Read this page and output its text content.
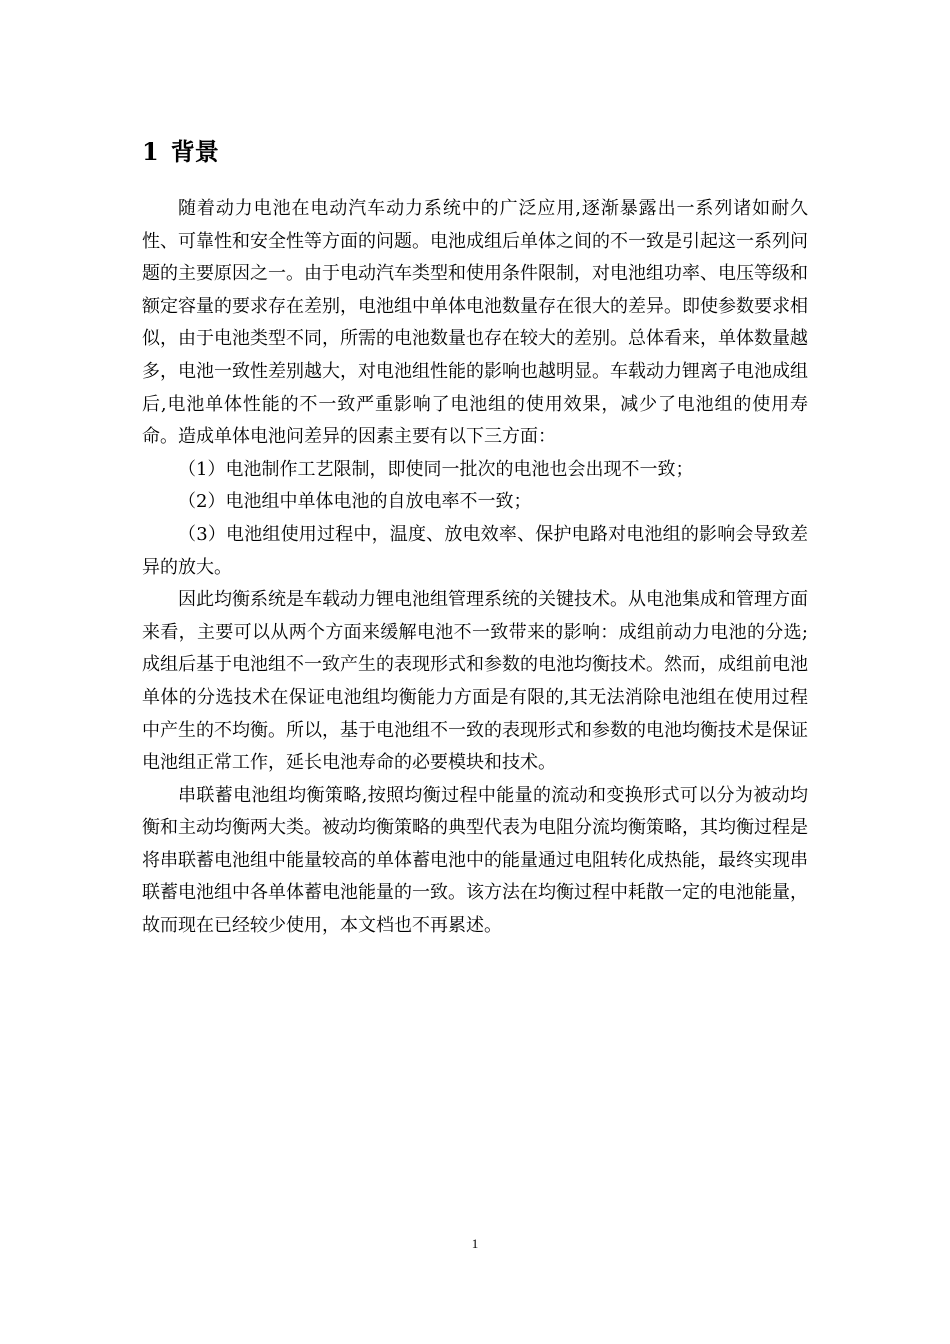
1 背景

随着动力电池在电动汽车动力系统中的广泛应用,逐渐暴露出一系列诸如耐久性、可靠性和安全性等方面的问题。电池成组后单体之间的不一致是引起这一系列问题的主要原因之一。由于电动汽车类型和使用条件限制，对电池组功率、电压等级和额定容量的要求存在差别，电池组中单体电池数量存在很大的差异。即使参数要求相似，由于电池类型不同，所需的电池数量也存在较大的差别。总体看来，单体数量越多，电池一致性差别越大，对电池组性能的影响也越明显。车载动力锂离子电池成组后,电池单体性能的不一致严重影响了电池组的使用效果，减少了电池组的使用寿命。造成单体电池问差异的因素主要有以下三方面：

（1）电池制作工艺限制，即使同一批次的电池也会出现不一致；

（2）电池组中单体电池的自放电率不一致；

（3）电池组使用过程中，温度、放电效率、保护电路对电池组的影响会导致差异的放大。

因此均衡系统是车载动力锂电池组管理系统的关键技术。从电池集成和管理方面来看，主要可以从两个方面来缓解电池不一致带来的影响：成组前动力电池的分选;成组后基于电池组不一致产生的表现形式和参数的电池均衡技术。然而，成组前电池单体的分选技术在保证电池组均衡能力方面是有限的,其无法消除电池组在使用过程中产生的不均衡。所以，基于电池组不一致的表现形式和参数的电池均衡技术是保证电池组正常工作，延长电池寿命的必要模块和技术。

串联蓄电池组均衡策略,按照均衡过程中能量的流动和变换形式可以分为被动均衡和主动均衡两大类。被动均衡策略的典型代表为电阻分流均衡策略，其均衡过程是将串联蓄电池组中能量较高的单体蓄电池中的能量通过电阻转化成热能，最终实现串联蓄电池组中各单体蓄电池能量的一致。该方法在均衡过程中耗散一定的电池能量，故而现在已经较少使用，本文档也不再累述。

1
